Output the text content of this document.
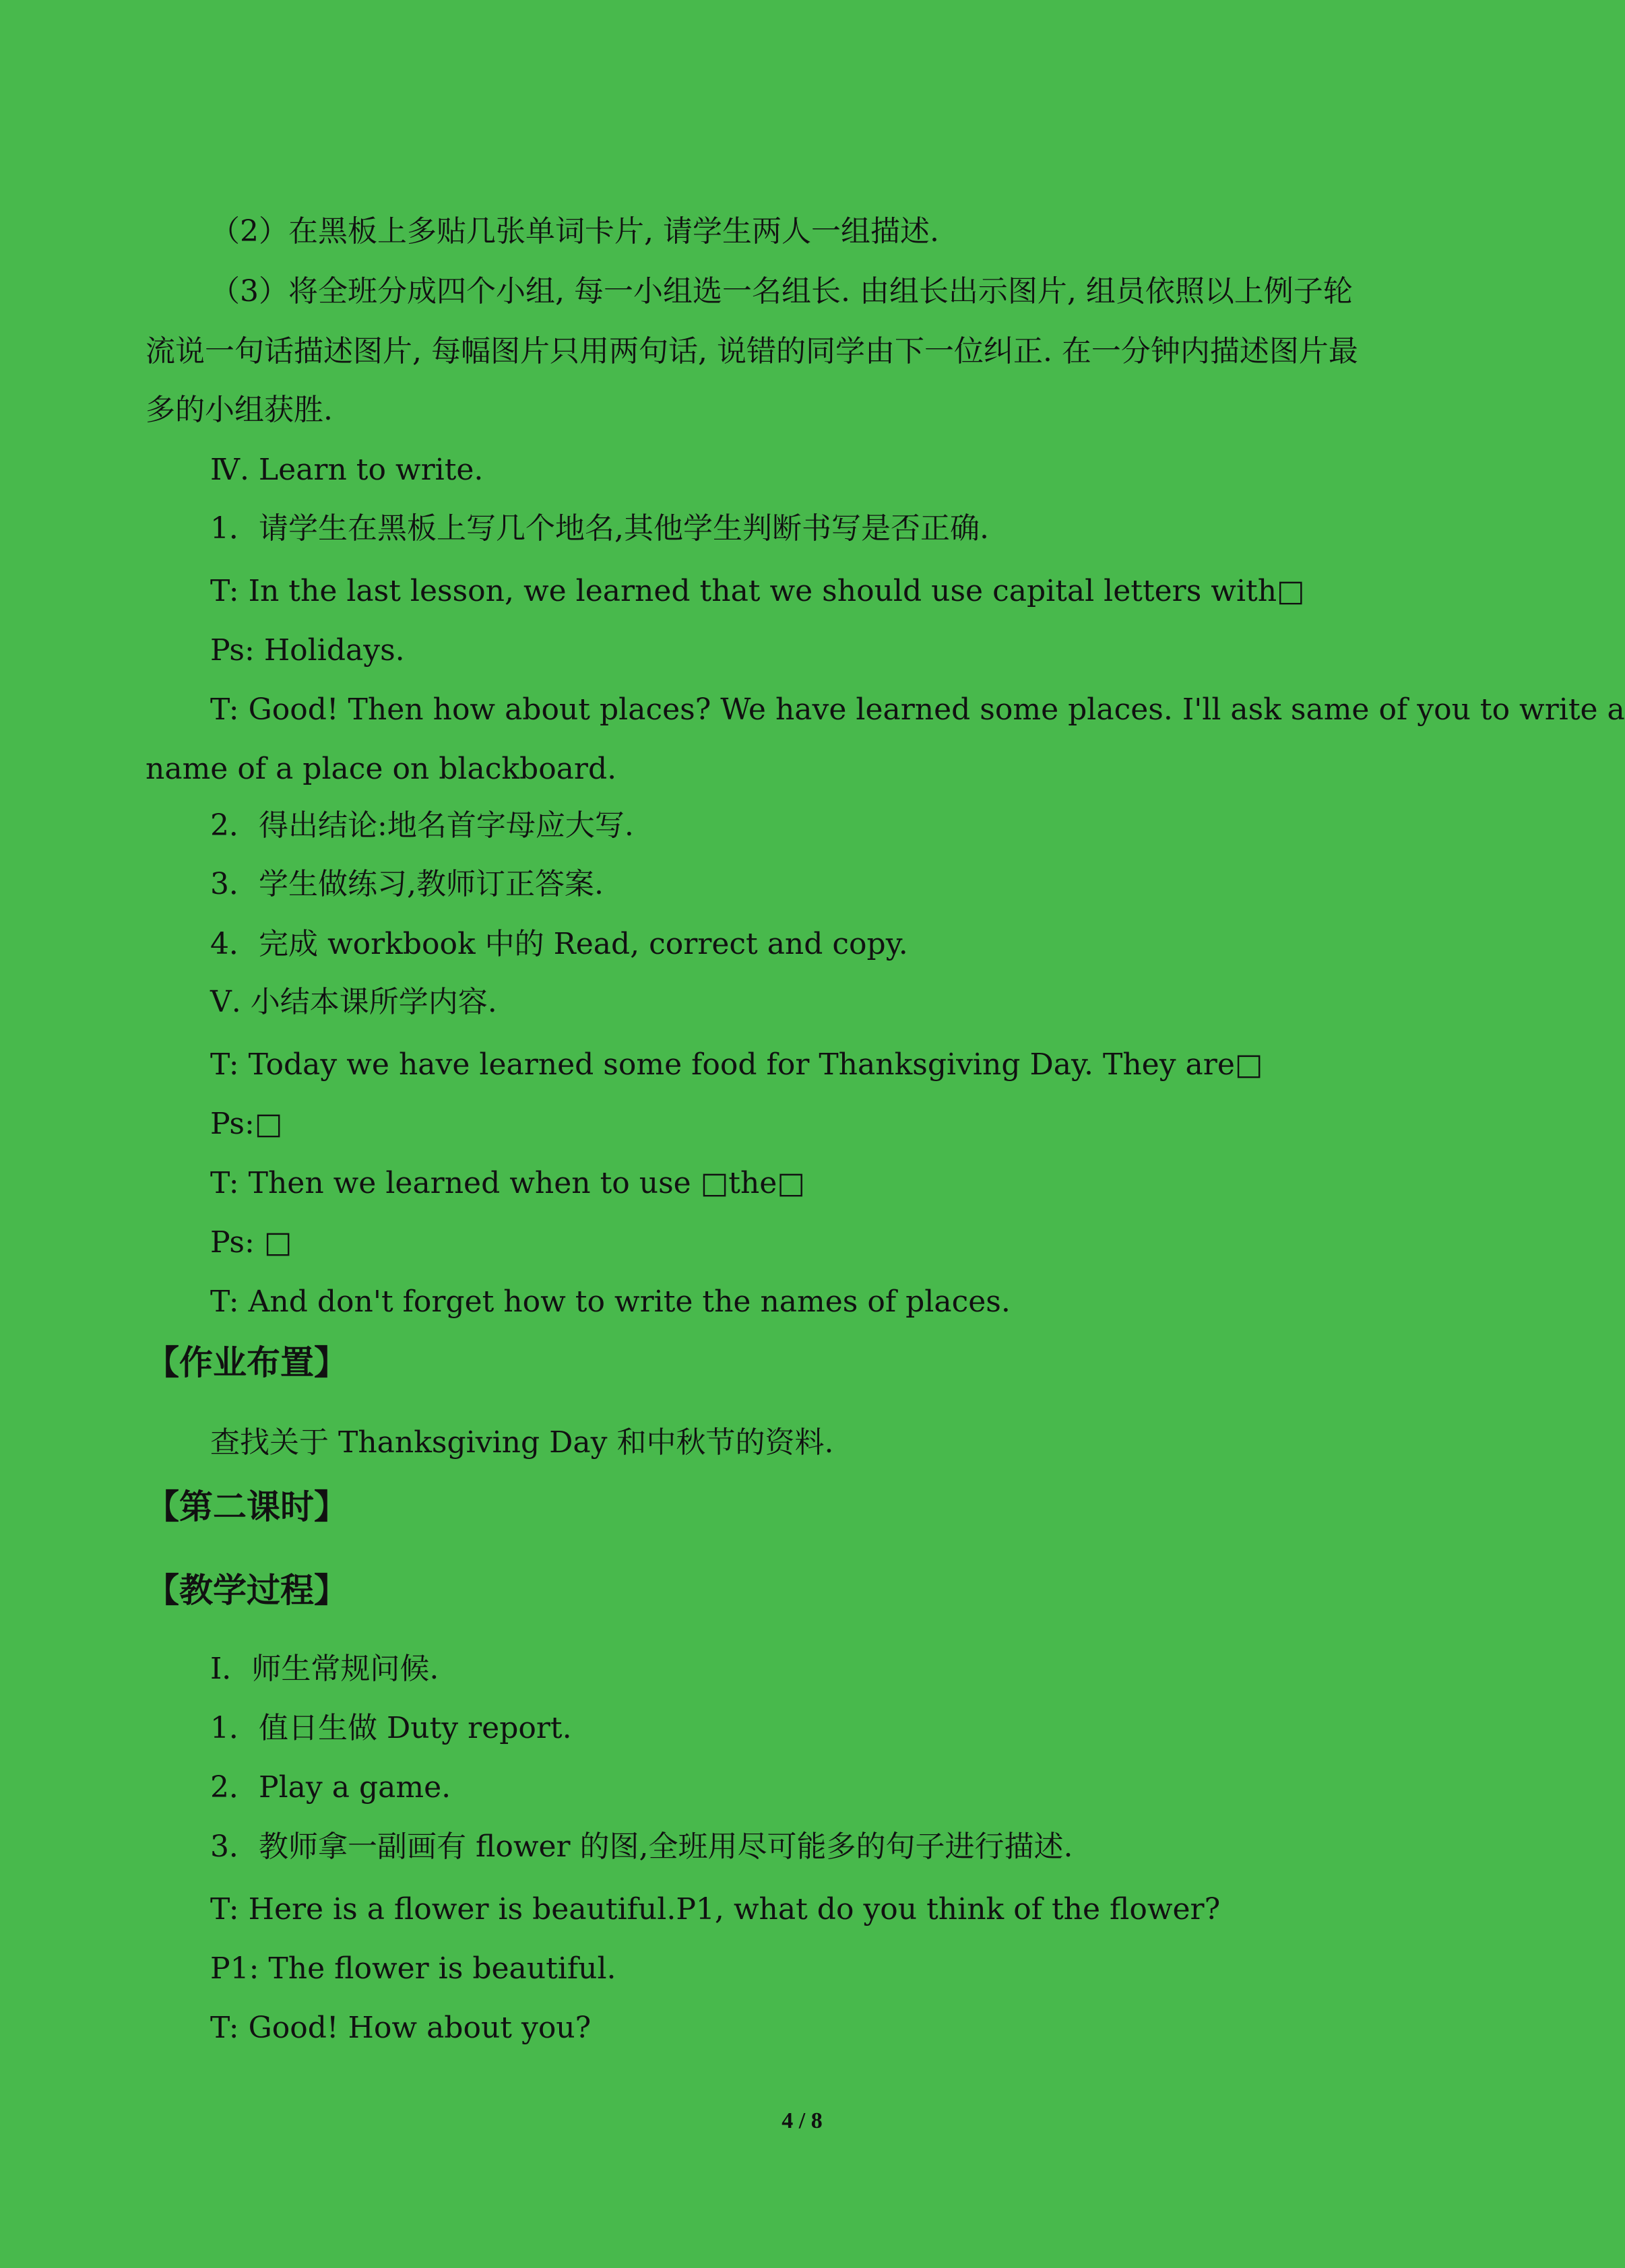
（2）在黑板上多贴几张单词卡片, 请学生两人一组描述.
（3）将全班分成四个小组, 每一小组选一名组长. 由组长出示图片, 组员依照以上例子轮
流说一句话描述图片, 每幅图片只用两句话, 说错的同学由下一位纠正. 在一分钟内描述图片最
多的小组获胜.
Ⅳ. Learn to write.
1．请学生在黑板上写几个地名,其他学生判断书写是否正确.
T: In the last lesson, we learned that we should use capital letters with□
Ps: Holidays.
T: Good! Then how about places? We have learned some places. I'll ask same of you to write a
name of a place on blackboard.
2．得出结论:地名首字母应大写.
3．学生做练习,教师订正答案.
4．完成 workbook 中的 Read, correct and copy.
Ⅴ. 小结本课所学内容.
T: Today we have learned some food for Thanksgiving Day. They are□
Ps:□
T: Then we learned when to use □the□
Ps: □
T: And don't forget how to write the names of places.
【作业布置】
查找关于 Thanksgiving Day 和中秋节的资料.
【第二课时】
【教学过程】
I．师生常规问候.
1．值日生做 Duty report.
2．Play a game.
3．教师拿一副画有 flower 的图,全班用尽可能多的句子进行描述.
T: Here is a flower is beautiful.P1, what do you think of the flower?
P1: The flower is beautiful.
T: Good! How about you?
4 / 8
